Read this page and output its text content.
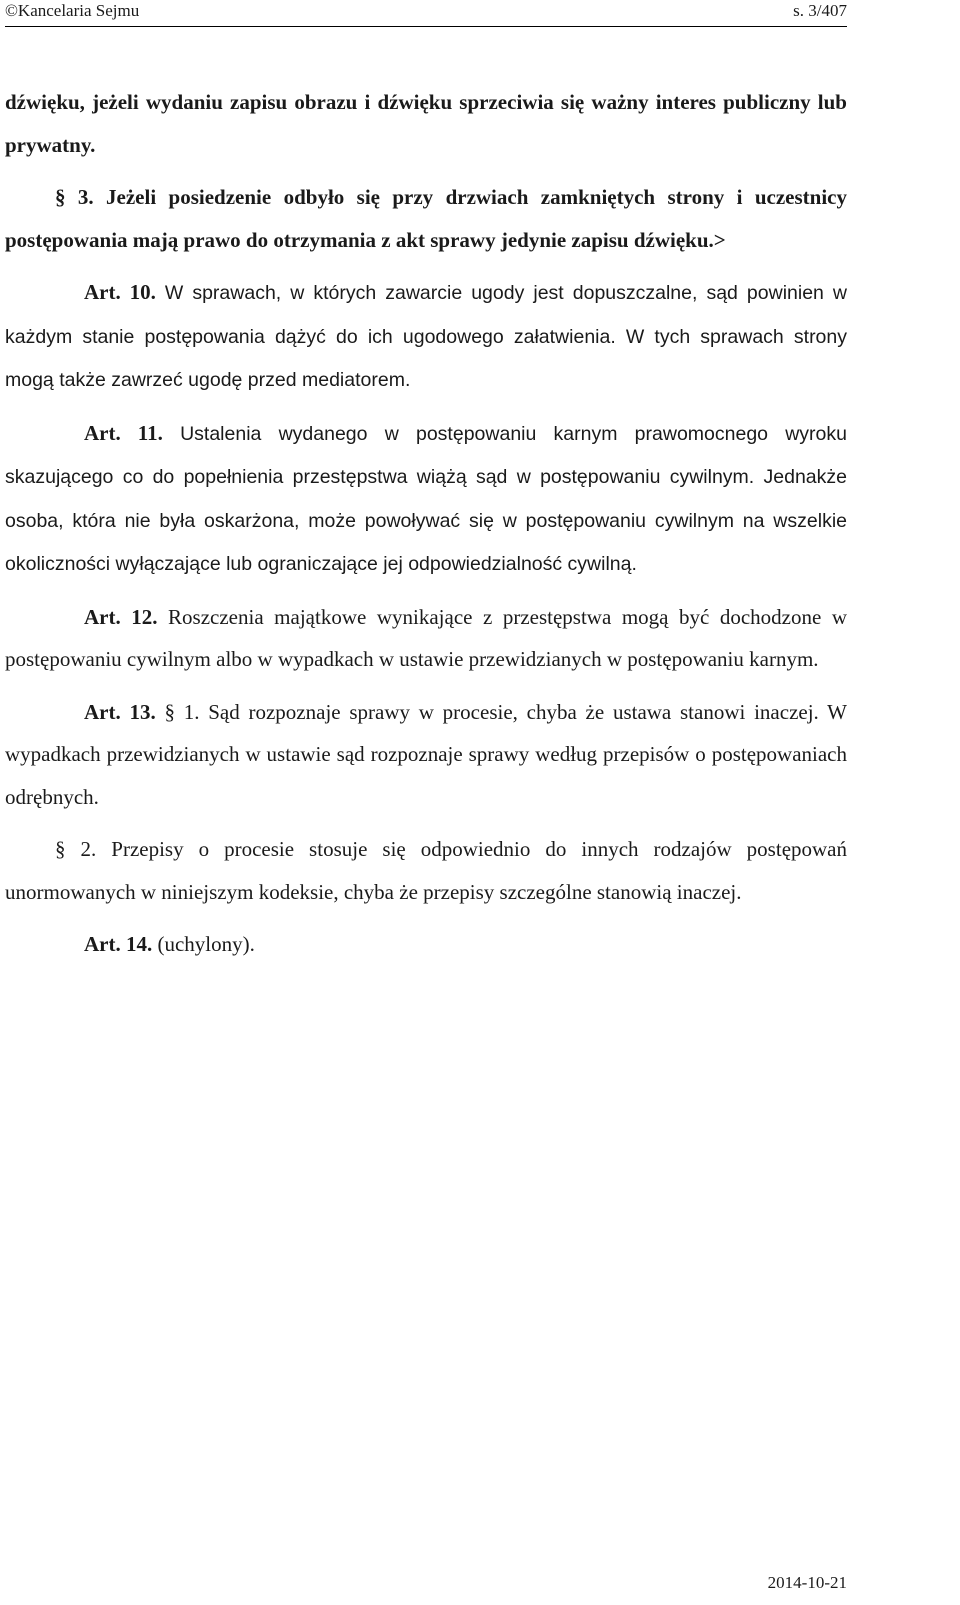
©Kancelaria Sejmu	s. 3/407

dźwięku, jeżeli wydaniu zapisu obrazu i dźwięku sprzeciwia się ważny interes publiczny lub prywatny.

§ 3. Jeżeli posiedzenie odbyło się przy drzwiach zamkniętych strony i uczestnicy postępowania mają prawo do otrzymania z akt sprawy jedynie zapisu dźwięku.>

Art. 10. W sprawach, w których zawarcie ugody jest dopuszczalne, sąd powinien w każdym stanie postępowania dążyć do ich ugodowego załatwienia. W tych sprawach strony mogą także zawrzeć ugodę przed mediatorem.

Art. 11. Ustalenia wydanego w postępowaniu karnym prawomocnego wyroku skazującego co do popełnienia przestępstwa wiążą sąd w postępowaniu cywilnym. Jednakże osoba, która nie była oskarżona, może powoływać się w postępowaniu cywilnym na wszelkie okoliczności wyłączające lub ograniczające jej odpowiedzialność cywilną.

Art. 12. Roszczenia majątkowe wynikające z przestępstwa mogą być dochodzone w postępowaniu cywilnym albo w wypadkach w ustawie przewidzianych w postępowaniu karnym.

Art. 13. § 1. Sąd rozpoznaje sprawy w procesie, chyba że ustawa stanowi inaczej. W wypadkach przewidzianych w ustawie sąd rozpoznaje sprawy według przepisów o postępowaniach odrębnych.

§ 2. Przepisy o procesie stosuje się odpowiednio do innych rodzajów postępowań unormowanych w niniejszym kodeksie, chyba że przepisy szczególne stanowią inaczej.

Art. 14. (uchylony).

2014-10-21
